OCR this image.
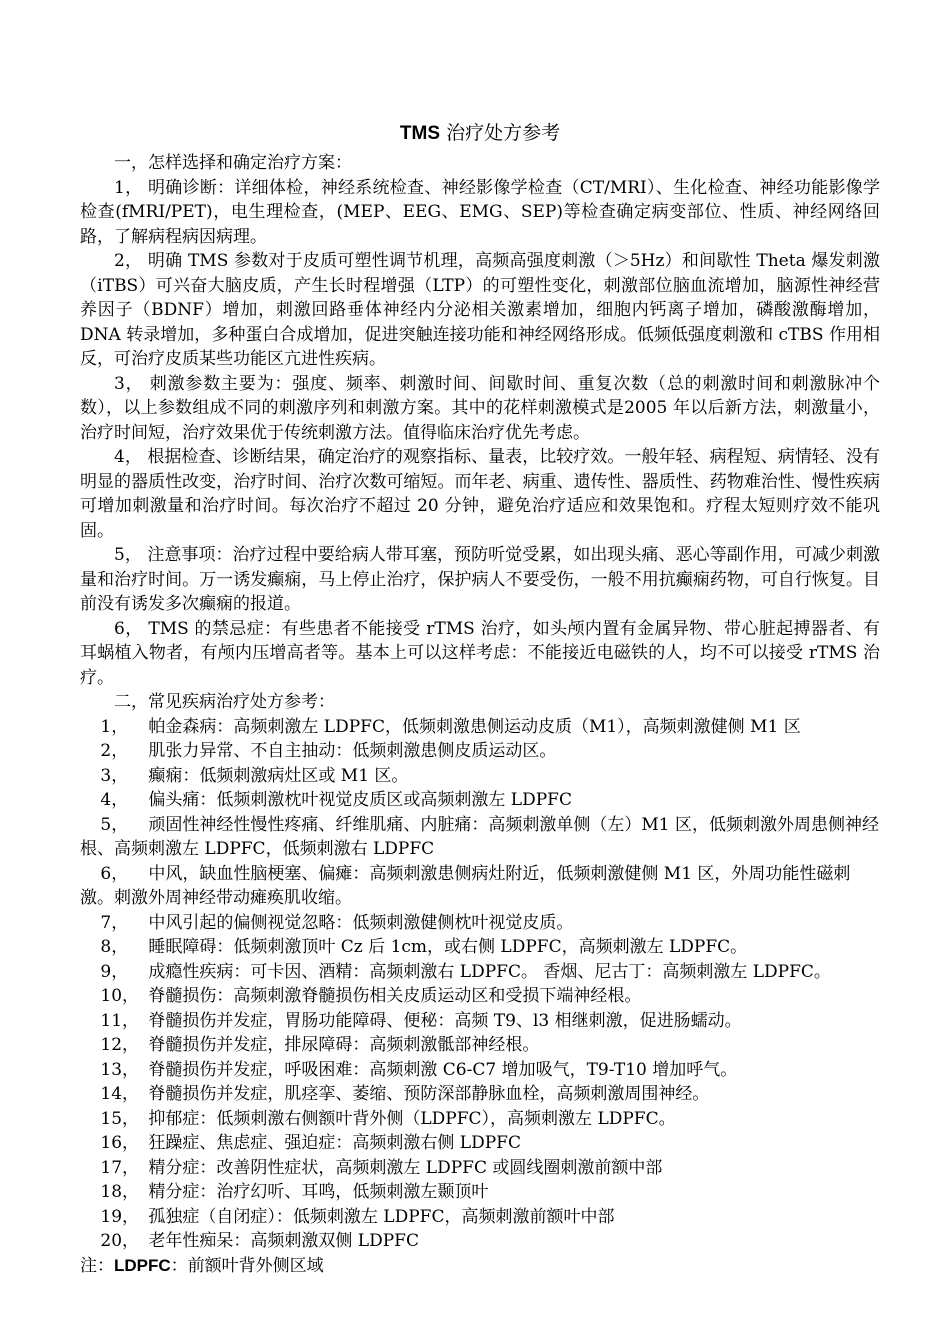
TMS 治疗处方参考

一，怎样选择和确定治疗方案：

1， 明确诊断：详细体检，神经系统检查、神经影像学检查（CT/MRI）、生化检查、神经功能影像学检查(fMRI/PET)，电生理检查，(MEP、EEG、EMG、SEP)等检查确定病变部位、性质、神经网络回路，了解病程病因病理。

2， 明确 TMS 参数对于皮质可塑性调节机理，高频高强度刺激（＞5Hz）和间歇性 Theta 爆发刺激（iTBS）可兴奋大脑皮质，产生长时程增强（LTP）的可塑性变化，刺激部位脑血流增加，脑源性神经营养因子（BDNF）增加，刺激回路垂体神经内分泌相关激素增加，细胞内钙离子增加，磷酸激酶增加，DNA 转录增加，多种蛋白合成增加，促进突触连接功能和神经网络形成。低频低强度刺激和 cTBS 作用相反，可治疗皮质某些功能区亢进性疾病。

3， 刺激参数主要为：强度、频率、刺激时间、间歇时间、重复次数（总的刺激时间和刺激脉冲个数），以上参数组成不同的刺激序列和刺激方案。其中的花样刺激模式是2005 年以后新方法，刺激量小，治疗时间短，治疗效果优于传统刺激方法。值得临床治疗优先考虑。

4， 根据检查、诊断结果，确定治疗的观察指标、量表，比较疗效。一般年轻、病程短、病情轻、没有明显的器质性改变，治疗时间、治疗次数可缩短。而年老、病重、遗传性、器质性、药物难治性、慢性疾病可增加刺激量和治疗时间。每次治疗不超过 20 分钟，避免治疗适应和效果饱和。疗程太短则疗效不能巩固。

5， 注意事项：治疗过程中要给病人带耳塞，预防听觉受累，如出现头痛、恶心等副作用，可减少刺激量和治疗时间。万一诱发癫痫，马上停止治疗，保护病人不要受伤，一般不用抗癫痫药物，可自行恢复。目前没有诱发多次癫痫的报道。

6， TMS 的禁忌症：有些患者不能接受 rTMS 治疗，如头颅内置有金属异物、带心脏起搏器者、有耳蜗植入物者，有颅内压增高者等。基本上可以这样考虑：不能接近电磁铁的人，均不可以接受 rTMS 治疗。

二，常见疾病治疗处方参考：

1， 帕金森病：高频刺激左 LDPFC，低频刺激患侧运动皮质（M1），高频刺激健侧 M1 区

2， 肌张力异常、不自主抽动：低频刺激患侧皮质运动区。

3， 癫痫：低频刺激病灶区或 M1 区。

4， 偏头痛：低频刺激枕叶视觉皮质区或高频刺激左 LDPFC

5， 顽固性神经性慢性疼痛、纤维肌痛、内脏痛：高频刺激单侧（左）M1 区，低频刺激外周患侧神经根、高频刺激左 LDPFC，低频刺激右 LDPFC

6， 中风，缺血性脑梗塞、偏瘫：高频刺激患侧病灶附近，低频刺激健侧 M1 区，外周功能性磁刺激。刺激外周神经带动瘫痪肌收缩。

7， 中风引起的偏侧视觉忽略：低频刺激健侧枕叶视觉皮质。

8， 睡眠障碍：低频刺激顶叶 Cz 后 1cm，或右侧 LDPFC，高频刺激左 LDPFC。

9， 成瘾性疾病：可卡因、酒精：高频刺激右 LDPFC。 香烟、尼古丁：高频刺激左 LDPFC。

10， 脊髓损伤：高频刺激脊髓损伤相关皮质运动区和受损下端神经根。

11， 脊髓损伤并发症，胃肠功能障碍、便秘：高频 T9、l3 相继刺激，促进肠蠕动。

12， 脊髓损伤并发症，排尿障碍：高频刺激骶部神经根。

13， 脊髓损伤并发症，呼吸困难：高频刺激 C6-C7 增加吸气，T9-T10 增加呼气。

14， 脊髓损伤并发症，肌痉挛、萎缩、预防深部静脉血栓，高频刺激周围神经。

15， 抑郁症：低频刺激右侧额叶背外侧（LDPFC），高频刺激左 LDPFC。

16， 狂躁症、焦虑症、强迫症：高频刺激右侧 LDPFC

17， 精分症：改善阴性症状，高频刺激左 LDPFC 或圆线圈刺激前额中部

18， 精分症：治疗幻听、耳鸣，低频刺激左颞顶叶

19， 孤独症（自闭症）：低频刺激左 LDPFC，高频刺激前额叶中部

20， 老年性痴呆：高频刺激双侧 LDPFC

注：LDPFC：前额叶背外侧区域
